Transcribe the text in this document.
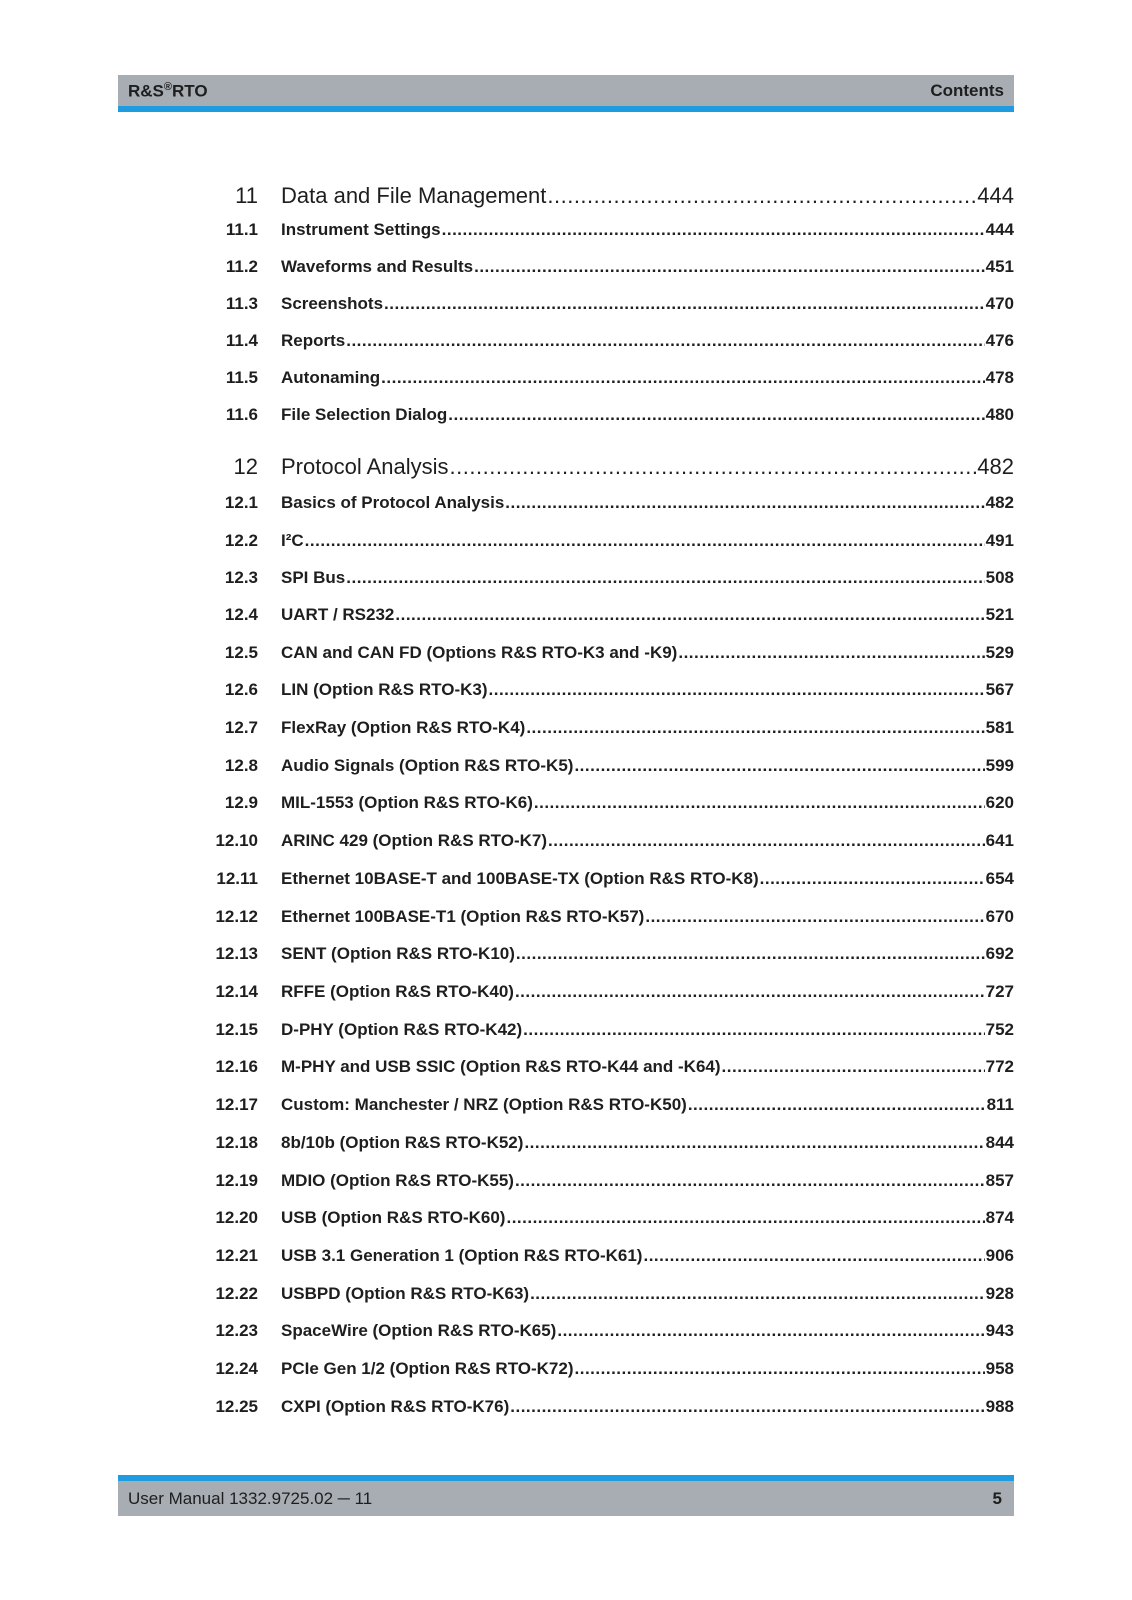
R&S®RTO	Contents
11 Data and File Management .....	444
11.1 Instrument Settings .....	444
11.2 Waveforms and Results .....	451
11.3 Screenshots .....	470
11.4 Reports .....	476
11.5 Autonaming .....	478
11.6 File Selection Dialog .....	480
12 Protocol Analysis .....	482
12.1 Basics of Protocol Analysis .....	482
12.2 I²C .....	491
12.3 SPI Bus .....	508
12.4 UART / RS232 .....	521
12.5 CAN and CAN FD (Options R&S RTO-K3 and -K9) .....	529
12.6 LIN (Option R&S RTO-K3) .....	567
12.7 FlexRay (Option R&S RTO-K4) .....	581
12.8 Audio Signals (Option R&S RTO-K5) .....	599
12.9 MIL-1553 (Option R&S RTO-K6) .....	620
12.10 ARINC 429 (Option R&S RTO-K7) .....	641
12.11 Ethernet 10BASE-T and 100BASE-TX (Option R&S RTO-K8) .....	654
12.12 Ethernet 100BASE-T1 (Option R&S RTO-K57) .....	670
12.13 SENT (Option R&S RTO-K10) .....	692
12.14 RFFE (Option R&S RTO-K40) .....	727
12.15 D-PHY (Option R&S RTO-K42) .....	752
12.16 M-PHY and USB SSIC (Option R&S RTO-K44 and -K64) .....	772
12.17 Custom: Manchester / NRZ (Option R&S RTO-K50) .....	811
12.18 8b/10b (Option R&S RTO-K52) .....	844
12.19 MDIO (Option R&S RTO-K55) .....	857
12.20 USB (Option R&S RTO-K60) .....	874
12.21 USB 3.1 Generation 1 (Option R&S RTO-K61) .....	906
12.22 USBPD (Option R&S RTO-K63) .....	928
12.23 SpaceWire (Option R&S RTO-K65) .....	943
12.24 PCIe Gen 1/2 (Option R&S RTO-K72) .....	958
12.25 CXPI (Option R&S RTO-K76) .....	988
User Manual 1332.9725.02 ─ 11	5
